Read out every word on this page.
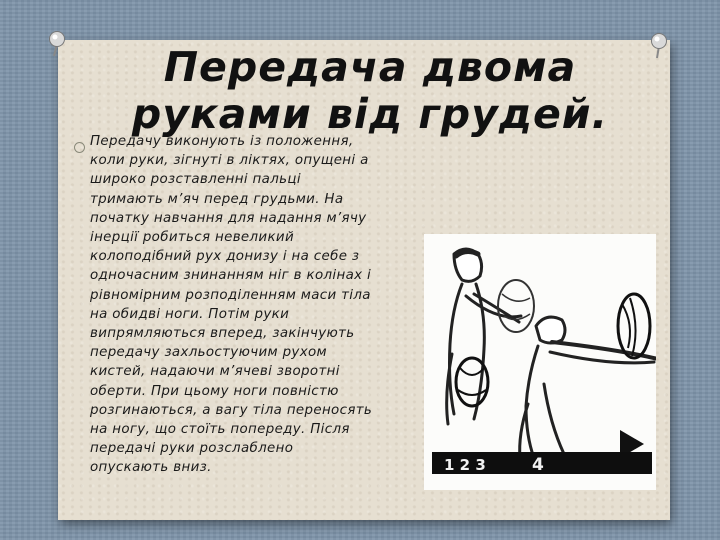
Передача двома руками від грудей.

Передачу виконують із положення,
коли руки, зігнуті в ліктях, опущені а
широко розставленні пальці
тримають м’яч перед грудьми. На
початку навчання для надання м’ячу
інерції робиться невеликий
колоподібний рух донизу і на себе з
одночасним знинанням ніг в колінах і
рівномірним розподіленням маси тіла
на обидві ноги. Потім руки
випрямляються вперед, закінчують
передачу захльостуючим рухом
кистей, надаючи м’ячеві зворотні
оберти. При цьому ноги повністю
розгинаються, а вагу тіла переносять
на ногу, що стоїть попереду. Після
передачі руки розслаблено
опускають вниз.	1 2 3	4
